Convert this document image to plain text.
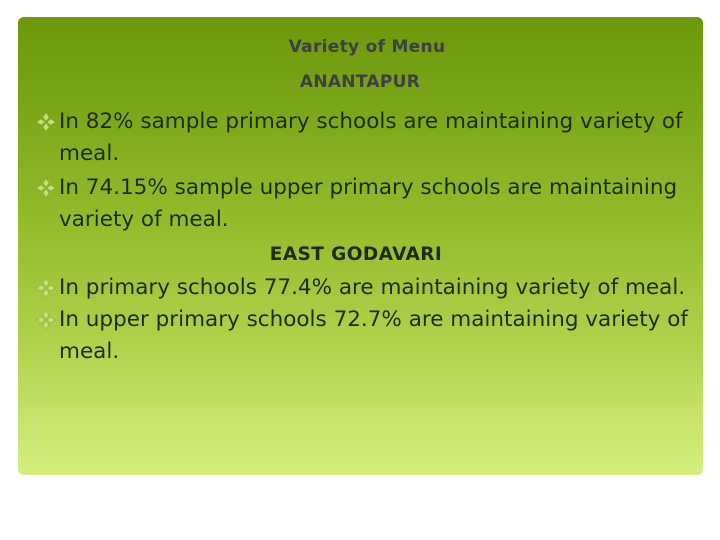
Variety of Menu
ANANTAPUR
In 82% sample primary schools are maintaining variety of meal.
In 74.15% sample upper primary schools are maintaining variety of meal.
EAST GODAVARI
In primary schools 77.4% are maintaining variety of meal.
In upper primary schools 72.7% are maintaining variety of meal.
